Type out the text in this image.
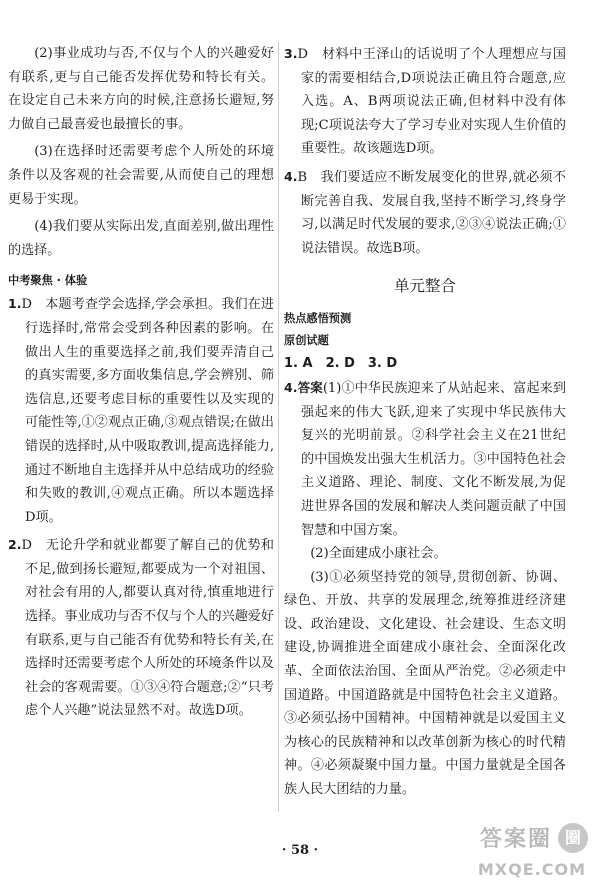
(2)事业成功与否,不仅与个人的兴趣爱好有联系,更与自己能否发挥优势和特长有关。在设定自己未来方向的时候,注意扬长避短,努力做自己最喜爱也最擅长的事。

(3)在选择时还需要考虑个人所处的环境条件以及客观的社会需要,从而使自己的理想更易于实现。

(4)我们要从实际出发,直面差别,做出理性的选择。

中考聚焦 · 体验

1.D　本题考查学会选择,学会承担。我们在进行选择时,常常会受到各种因素的影响。在做出人生的重要选择之前,我们要弄清自己的真实需要,多方面收集信息,学会辨别、筛选信息,还要考虑目标的重要性以及实现的可能性等,①②观点正确,③观点错误;在做出错误的选择时,从中吸取教训,提高选择能力,通过不断地自主选择并从中总结成功的经验和失败的教训,④观点正确。所以本题选择D项。

2.D　无论升学和就业都要了解自己的优势和不足,做到扬长避短,都要成为一个对祖国、对社会有用的人,都要认真对待,慎重地进行选择。事业成功与否不仅与个人的兴趣爱好有联系,更与自己能否有优势和特长有关,在选择时还需要考虑个人所处的环境条件以及社会的客观需要。①③④符合题意;②“只考虑个人兴趣”说法显然不对。故选D项。

3.D　材料中王泽山的话说明了个人理想应与国家的需要相结合,D项说法正确且符合题意,应入选。A、B两项说法正确,但材料中没有体现;C项说法夸大了学习专业对实现人生价值的重要性。故该题选D项。

4.B　我们要适应不断发展变化的世界,就必须不断完善自我、发展自我,坚持不断学习,终身学习,以满足时代发展的要求,②③④说法正确;①说法错误。故选B项。

单元整合
热点感悟预测
原创试题

1. A　2. D　3. D

4.答案(1)①中华民族迎来了从站起来、富起来到强起来的伟大飞跃,迎来了实现中华民族伟大复兴的光明前景。②科学社会主义在21世纪的中国焕发出强大生机活力。③中国特色社会主义道路、理论、制度、文化不断发展,为促进世界各国的发展和解决人类问题贡献了中国智慧和中国方案。

(2)全面建成小康社会。

(3)①必须坚持党的领导,贯彻创新、协调、绿色、开放、共享的发展理念,统筹推进经济建设、政治建设、文化建设、社会建设、生态文明建设,协调推进全面建成小康社会、全面深化改革、全面依法治国、全面从严治党。②必须走中国道路。中国道路就是中国特色社会主义道路。③必须弘扬中国精神。中国精神就是以爱国主义为核心的民族精神和以改革创新为核心的时代精神。④必须凝聚中国力量。中国力量就是全国各族人民大团结的力量。

· 58 ·	答案圈 圈
MXQE.COM
